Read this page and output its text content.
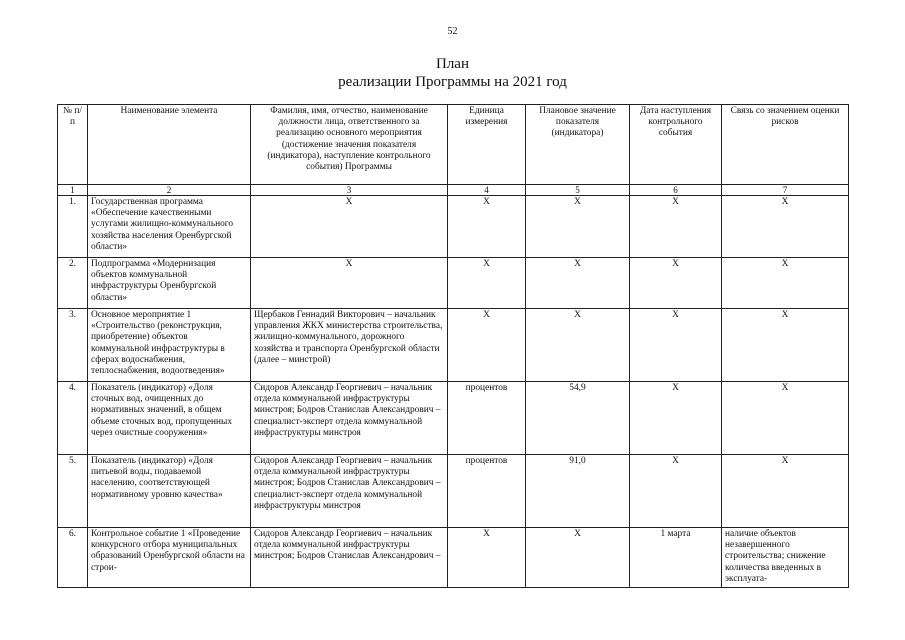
52
План
реализации Программы на 2021 год
№ п/п	Наименование элемента	Фамилия, имя, отчество, наименование должности лица, ответственного за реализацию основного мероприятия (достижение значения показателя (индикатора), наступление контрольного события) Программы	Единица измерения	Плановое значение показателя (индикатора)	Дата наступления контрольного события	Связь со значением оценки рисков
1	2	3	4	5	6	7
1.	Государственная программа «Обеспечение качественными услугами жилищно-коммунального хозяйства населения Оренбургской области»	Х	Х	Х	Х	Х
2.	Подпрограмма «Модернизация объектов коммунальной инфраструктуры Оренбургской области»	Х	Х	Х	Х	Х
3.	Основное мероприятие 1 «Строительство (реконструкция, приобретение) объектов коммунальной инфраструктуры в сферах водоснабжения, теплоснабжения, водоотведения»	Щербаков Геннадий Викторович – начальник управления ЖКХ министерства строительства, жилищно-коммунального, дорожного хозяйства и транспорта Оренбургской области (далее – минстрой)	Х	Х	Х	Х
4.	Показатель (индикатор) «Доля сточных вод, очищенных до нормативных значений, в общем объеме сточных вод, пропущенных через очистные сооружения»	Сидоров Александр Георгиевич – начальник отдела коммунальной инфраструктуры минстроя; Бодров Станислав Александрович – специалист-эксперт отдела коммунальной инфраструктуры минстроя	процентов	54,9	Х	Х
5.	Показатель (индикатор) «Доля питьевой воды, подаваемой населению, соответствующей нормативному уровню качества»	Сидоров Александр Георгиевич – начальник отдела коммунальной инфраструктуры минстроя; Бодров Станислав Александрович – специалист-эксперт отдела коммунальной инфраструктуры минстроя	процентов	91,0	Х	Х
6.	Контрольное событие 1 «Проведение конкурсного отбора муниципальных образований Оренбургской области на строи-	Сидоров Александр Георгиевич – начальник отдела коммунальной инфраструктуры минстроя; Бодров Станислав Александрович –	Х	Х	1 марта	наличие объектов незавершенного строительства; снижение количества введенных в эксплуата-
